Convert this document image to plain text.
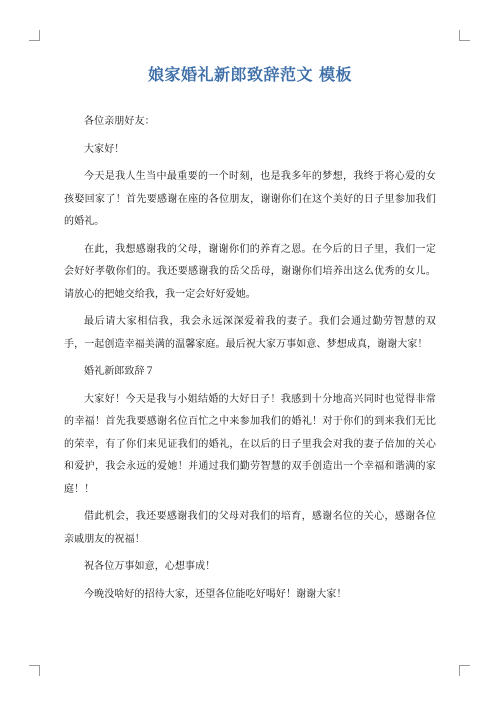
娘家婚礼新郎致辞范文 模板

各位亲朋好友：

大家好！

今天是我人生当中最重要的一个时刻，也是我多年的梦想，我终于将心爱的女孩娶回家了！首先要感谢在座的各位朋友，谢谢你们在这个美好的日子里参加我们的婚礼。

在此，我想感谢我的父母，谢谢你们的养育之恩。在今后的日子里，我们一定会好好孝敬你们的。我还要感谢我的岳父岳母，谢谢你们培养出这么优秀的女儿。请放心的把她交给我，我一定会好好爱她。

最后请大家相信我，我会永远深深爱着我的妻子。我们会通过勤劳智慧的双手，一起创造幸福美满的温馨家庭。最后祝大家万事如意、梦想成真，谢谢大家！

婚礼新郎致辞７

大家好！今天是我与小姐结婚的大好日子！我感到十分地高兴同时也觉得非常的幸福！首先我要感谢名位百忙之中来参加我们的婚礼！对于你们的到来我们无比的荣幸，有了你们来见证我们的婚礼，在以后的日子里我会对我的妻子倍加的关心和爱护，我会永远的爱她！并通过我们勤劳智慧的双手创造出一个幸福和谐满的家庭！！

借此机会，我还要感谢我们的父母对我们的培育，感谢名位的关心，感谢各位亲戚朋友的祝福！

祝各位万事如意，心想事成！

今晚没啥好的招待大家，还望各位能吃好喝好！谢谢大家！
